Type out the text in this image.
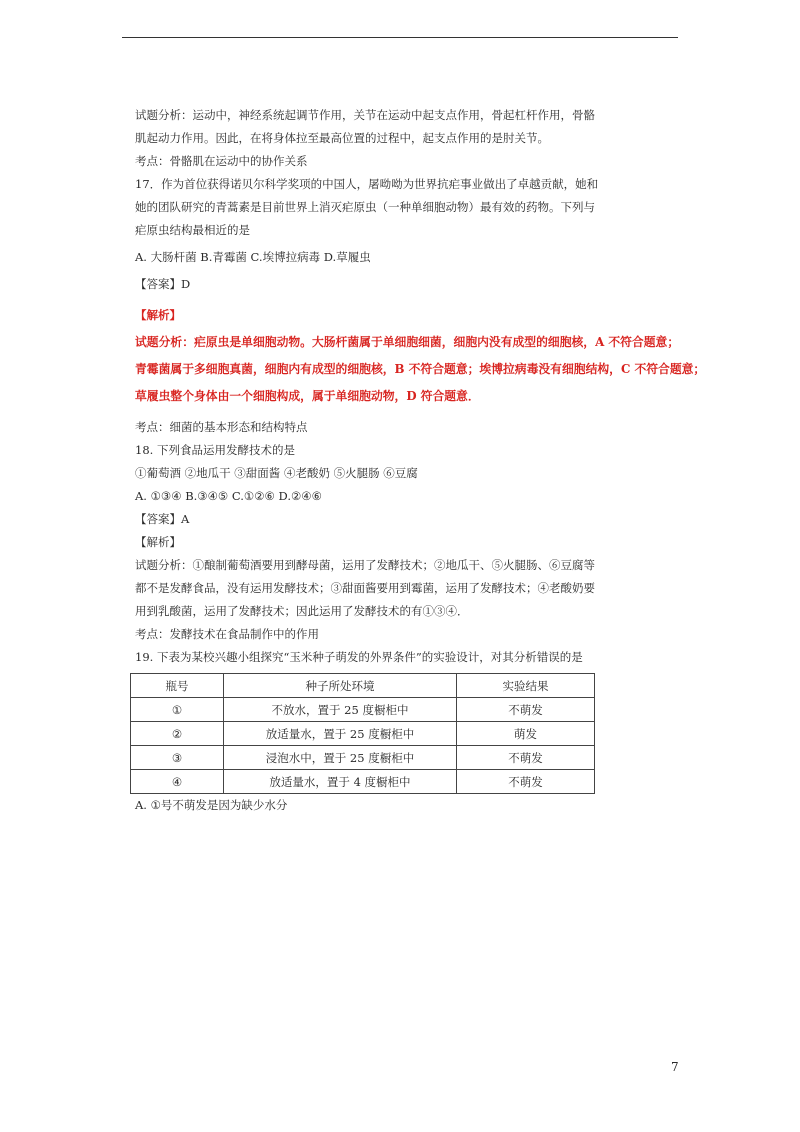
试题分析：运动中，神经系统起调节作用，关节在运动中起支点作用，骨起杠杆作用，骨骼
肌起动力作用。因此，在将身体拉至最高位置的过程中，起支点作用的是肘关节。
考点：骨骼肌在运动中的协作关系
17．作为首位获得诺贝尔科学奖项的中国人，屠呦呦为世界抗疟事业做出了卓越贡献，她和
她的团队研究的青蒿素是目前世界上消灭疟原虫（一种单细胞动物）最有效的药物。下列与
疟原虫结构最相近的是
A. 大肠杆菌 B.青霉菌 C.埃博拉病毒 D.草履虫
【答案】D
【解析】
试题分析：疟原虫是单细胞动物。大肠杆菌属于单细胞细菌，细胞内没有成型的细胞核，A 不符合题意；
青霉菌属于多细胞真菌，细胞内有成型的细胞核，B 不符合题意；埃博拉病毒没有细胞结构，C 不符合题意；
草履虫整个身体由一个细胞构成，属于单细胞动物，D 符合题意．
考点：细菌的基本形态和结构特点
18. 下列食品运用发酵技术的是
①葡萄酒 ②地瓜干 ③甜面酱 ④老酸奶 ⑤火腿肠 ⑥豆腐
A. ①③④ B.③④⑤ C.①②⑥ D.②④⑥
【答案】A
【解析】
试题分析：①酿制葡萄酒要用到酵母菌，运用了发酵技术；②地瓜干、⑤火腿肠、⑥豆腐等
都不是发酵食品，没有运用发酵技术；③甜面酱要用到霉菌，运用了发酵技术；④老酸奶要
用到乳酸菌，运用了发酵技术；因此运用了发酵技术的有①③④．
考点：发酵技术在食品制作中的作用
19. 下表为某校兴趣小组探究“玉米种子萌发的外界条件”的实验设计，对其分析错误的是
瓶号	种子所处环境	实验结果
①	不放水，置于 25 度橱柜中	不萌发
②	放适量水，置于 25 度橱柜中	萌发
③	浸泡水中，置于 25 度橱柜中	不萌发
④	放适量水，置于 4 度橱柜中	不萌发
A. ①号不萌发是因为缺少水分
7
